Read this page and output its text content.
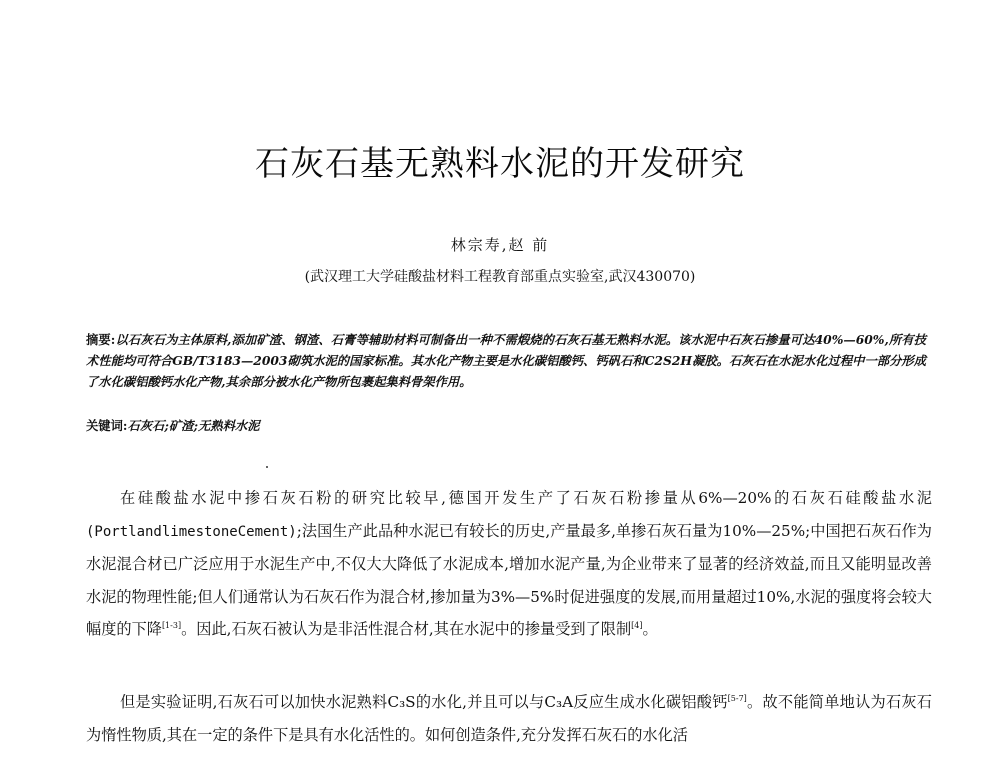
石灰石基无熟料水泥的开发研究
林宗寿,赵 前
(武汉理工大学硅酸盐材料工程教育部重点实验室,武汉430070)
摘要:以石灰石为主体原料,添加矿渣、钢渣、石膏等辅助材料可制备出一种不需煅烧的石灰石基无熟料水泥。该水泥中石灰石掺量可达40%—60%,所有技术性能均可符合GB/T3183—2003砌筑水泥的国家标准。其水化产物主要是水化碳铝酸钙、钙矾石和C2S2H凝胶。石灰石在水泥水化过程中一部分形成了水化碳铝酸钙水化产物,其余部分被水化产物所包裹起集料骨架作用。
关键词:石灰石;矿渣;无熟料水泥
在硅酸盐水泥中掺石灰石粉的研究比较早,德国开发生产了石灰石粉掺量从6%—20%的石灰石硅酸盐水泥(PortlandlimestoneCement);法国生产此品种水泥已有较长的历史,产量最多,单掺石灰石量为10%—25%;中国把石灰石作为水泥混合材已广泛应用于水泥生产中,不仅大大降低了水泥成本,增加水泥产量,为企业带来了显著的经济效益,而且又能明显改善水泥的物理性能;但人们通常认为石灰石作为混合材,掺加量为3%—5%时促进强度的发展,而用量超过10%,水泥的强度将会较大幅度的下降[1-3]。因此,石灰石被认为是非活性混合材,其在水泥中的掺量受到了限制[4]。
但是实验证明,石灰石可以加快水泥熟料C₃S的水化,并且可以与C₃A反应生成水化碳铝酸钙[5-7]。故不能简单地认为石灰石为惰性物质,其在一定的条件下是具有水化活性的。如何创造条件,充分发挥石灰石的水化活
